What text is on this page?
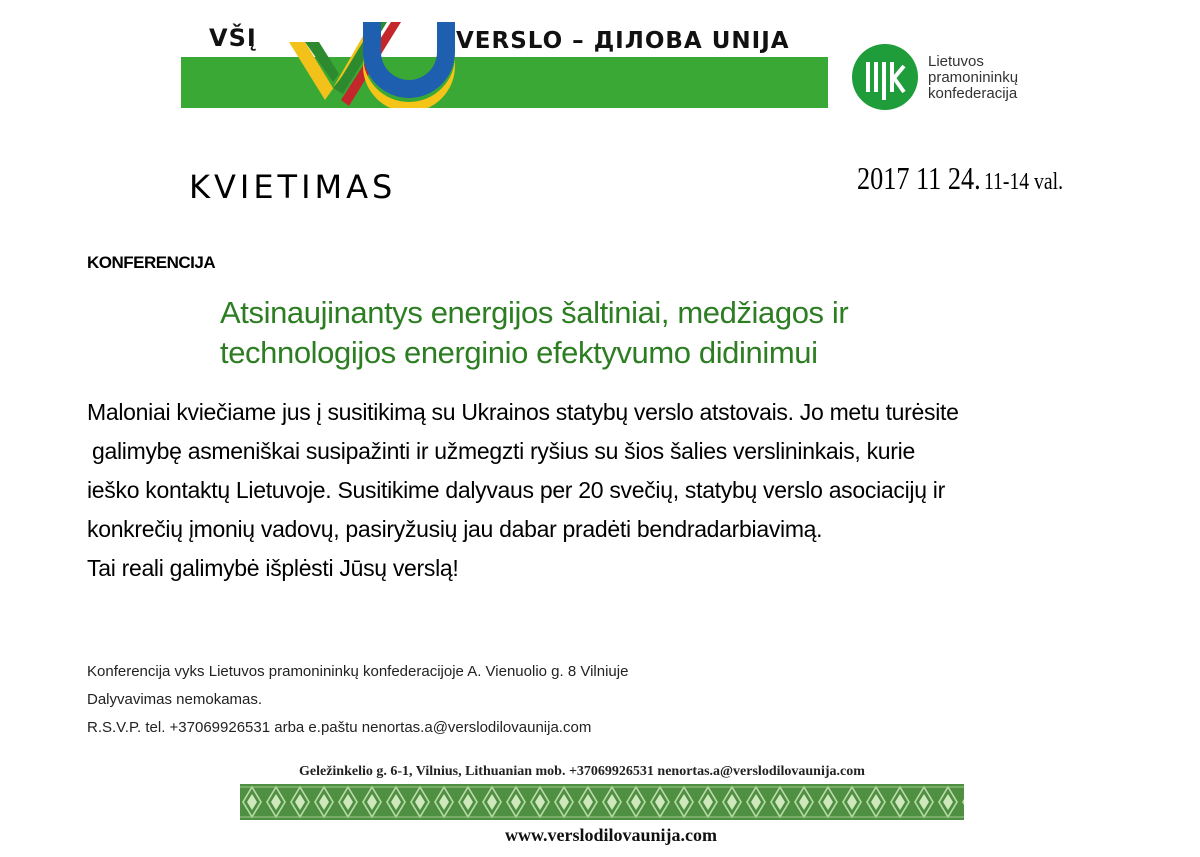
VŠĮ	VERSLO – ДІЛОВА UNIJA
Lietuvos
pramonininkų
konfederacija
KVIETIMAS	2017 11 24. 11-14 val.
KONFERENCIJA
Atsinaujinantys energijos šaltiniai, medžiagos ir
technologijos energinio efektyvumo didinimui
Maloniai kviečiame jus į susitikimą su Ukrainos statybų verslo atstovais. Jo metu turėsite
galimybę asmeniškai susipažinti ir užmegzti ryšius su šios šalies verslininkais, kurie
ieško kontaktų Lietuvoje. Susitikime dalyvaus per 20 svečių, statybų verslo asociacijų ir
konkrečių įmonių vadovų, pasiryžusių jau dabar pradėti bendradarbiavimą.
Tai reali galimybė išplėsti Jūsų verslą!
Konferencija vyks Lietuvos pramonininkų konfederacijoje A. Vienuolio g. 8 Vilniuje
Dalyvavimas nemokamas.
R.S.V.P. tel. +37069926531 arba e.paštu nenortas.a@verslodilovaunija.com
Geležinkelio g. 6-1, Vilnius, Lithuanian mob. +37069926531 nenortas.a@verslodilovaunija.com
www.verslodilovaunija.com
